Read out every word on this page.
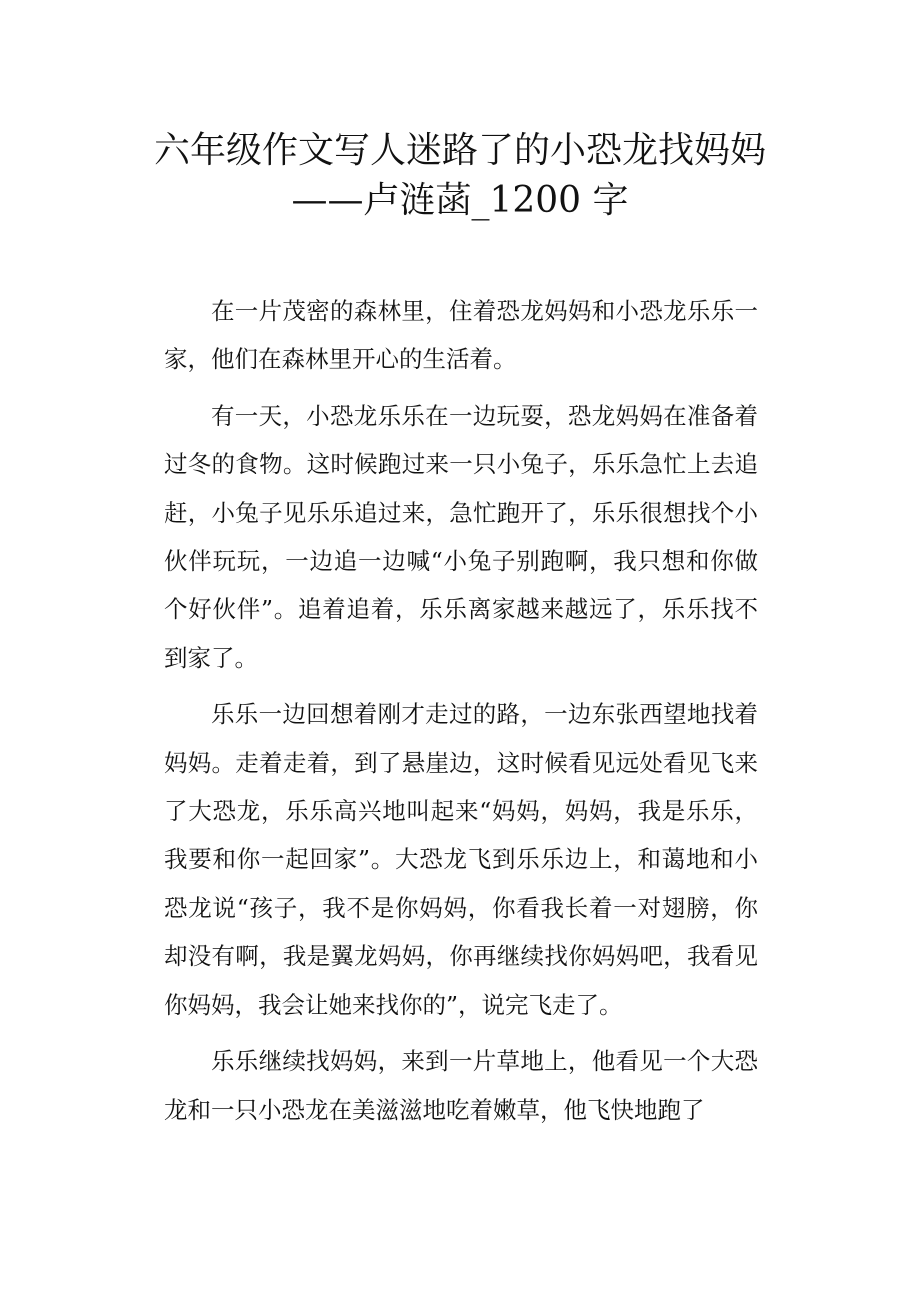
六年级作文写人迷路了的小恐龙找妈妈
——卢涟菡_1200 字

在一片茂密的森林里，住着恐龙妈妈和小恐龙乐乐一家，他们在森林里开心的生活着。

有一天，小恐龙乐乐在一边玩耍，恐龙妈妈在准备着过冬的食物。这时候跑过来一只小兔子，乐乐急忙上去追赶，小兔子见乐乐追过来，急忙跑开了，乐乐很想找个小伙伴玩玩，一边追一边喊“小兔子别跑啊，我只想和你做个好伙伴”。追着追着，乐乐离家越来越远了，乐乐找不到家了。

乐乐一边回想着刚才走过的路，一边东张西望地找着妈妈。走着走着，到了悬崖边，这时候看见远处看见飞来了大恐龙，乐乐高兴地叫起来“妈妈，妈妈，我是乐乐，我要和你一起回家”。大恐龙飞到乐乐边上，和蔼地和小恐龙说“孩子，我不是你妈妈，你看我长着一对翅膀，你却没有啊，我是翼龙妈妈，你再继续找你妈妈吧，我看见你妈妈，我会让她来找你的”，说完飞走了。

乐乐继续找妈妈，来到一片草地上，他看见一个大恐龙和一只小恐龙在美滋滋地吃着嫩草，他飞快地跑了
